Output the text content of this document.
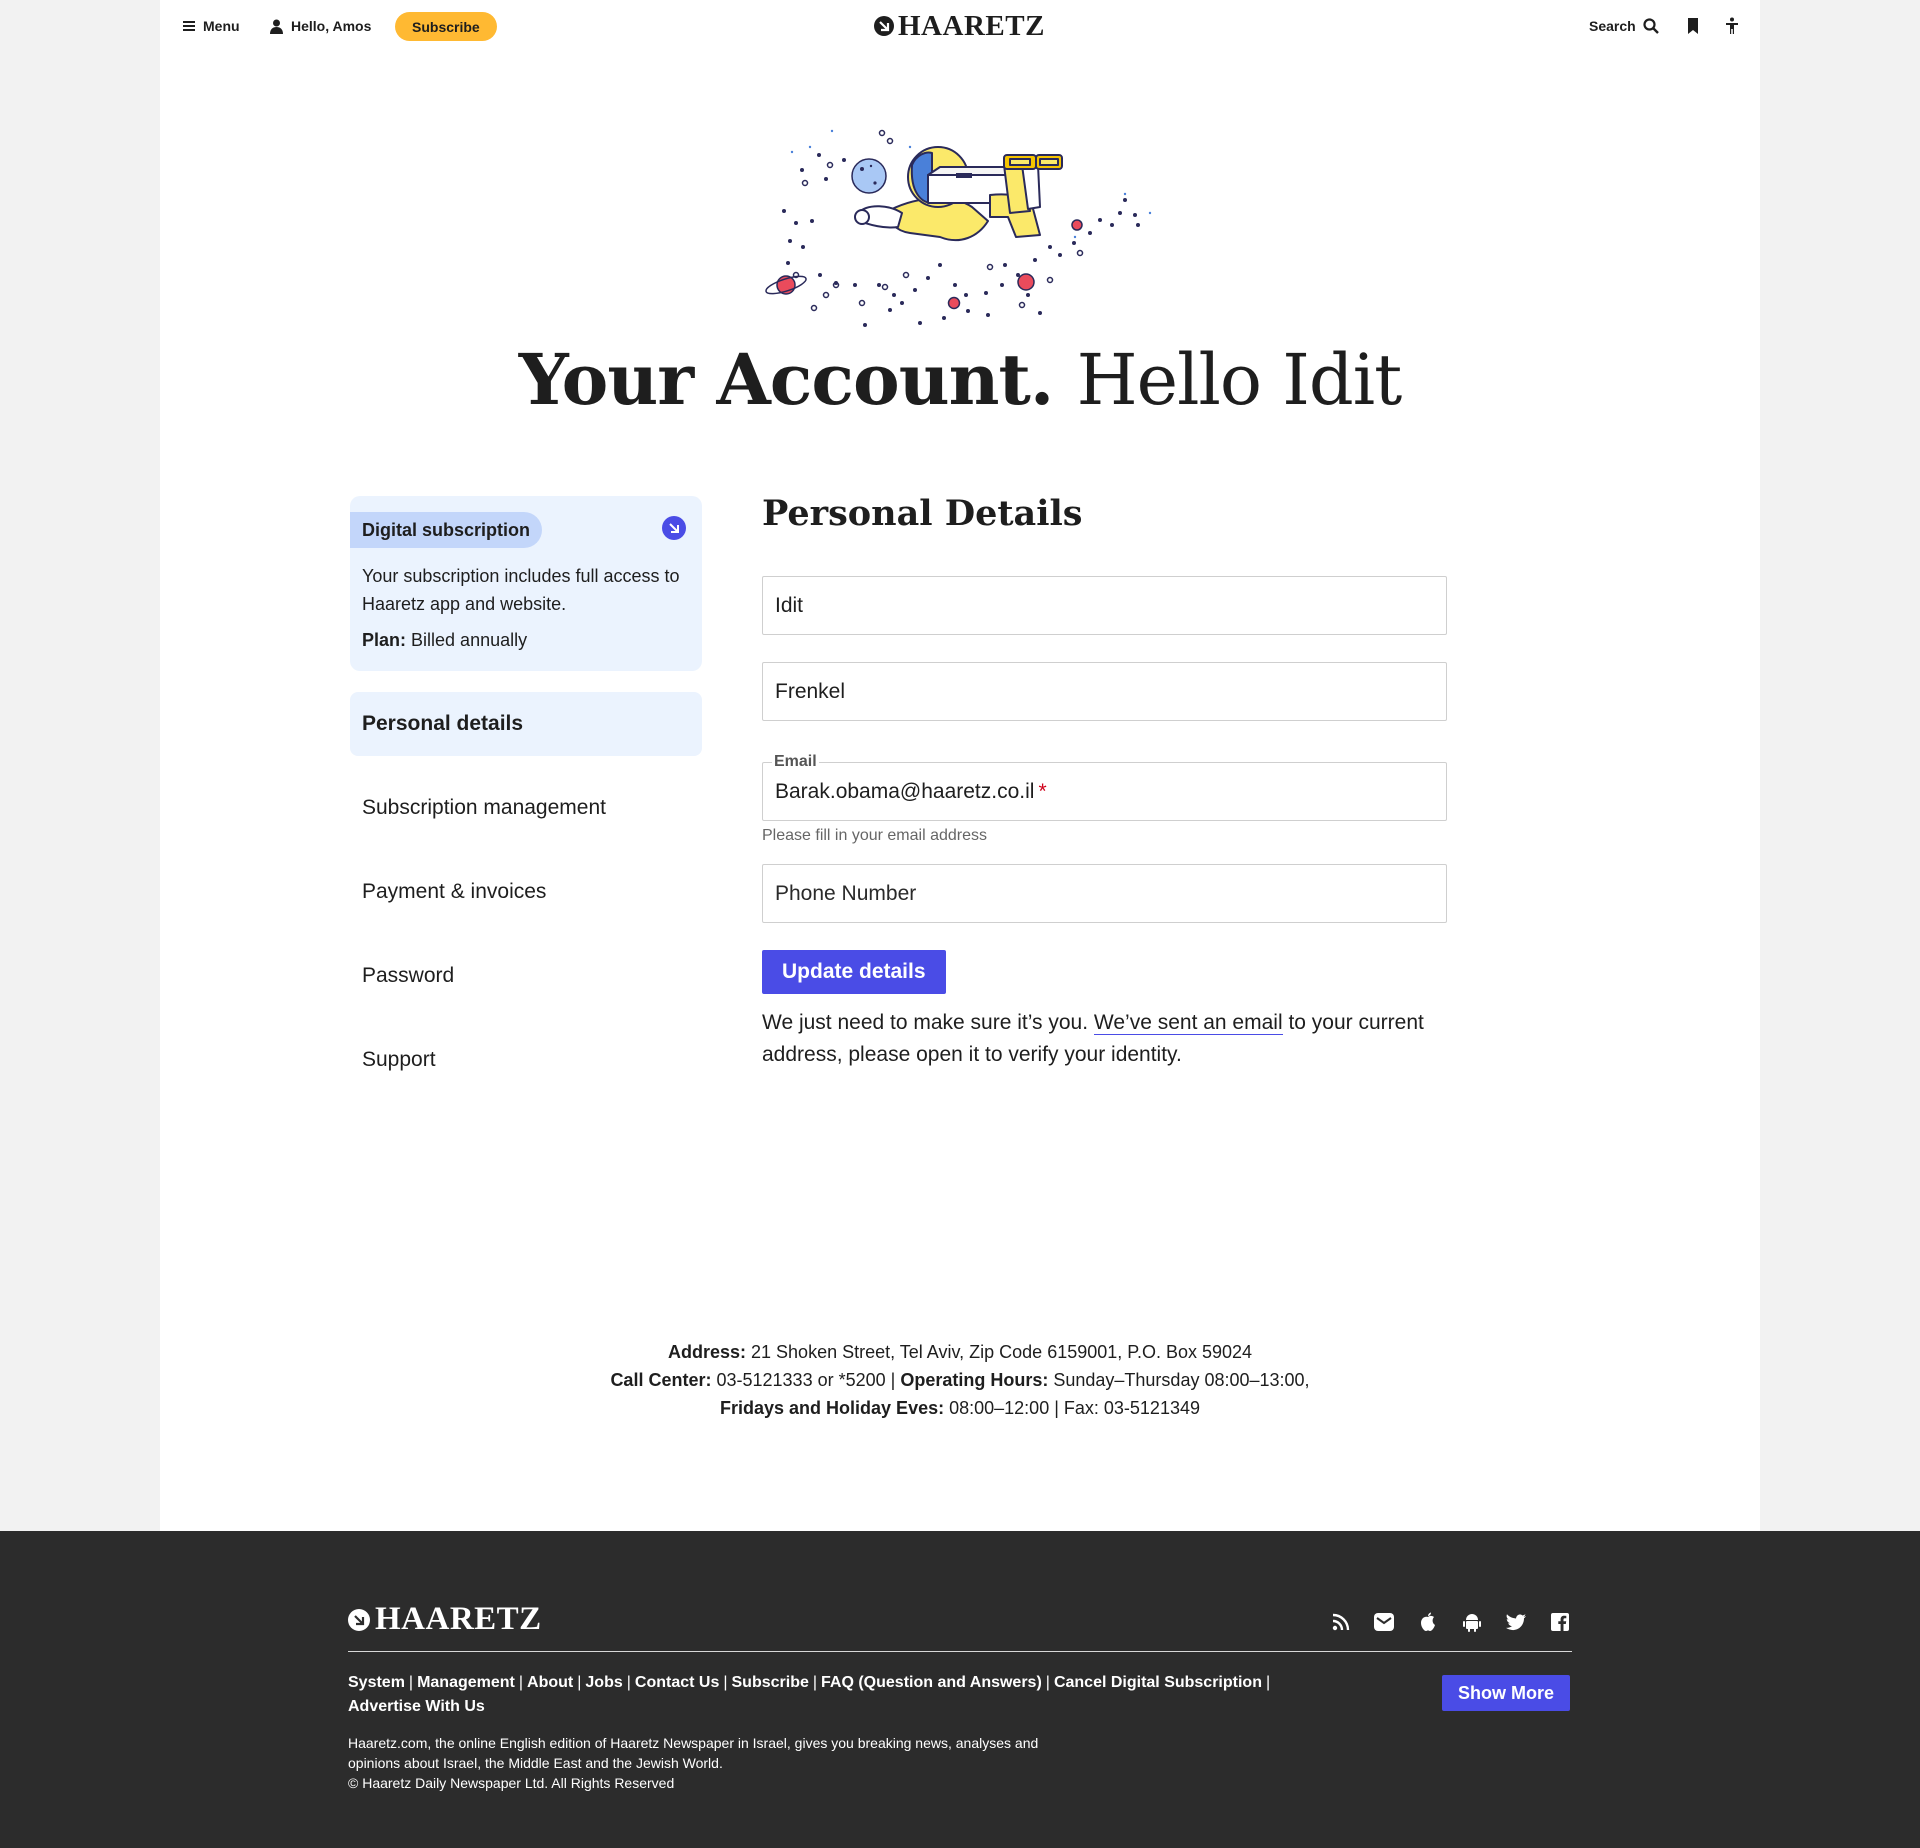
Menu	Hello, Amos	Subscribe	HAARETZ	Search
Your Account. Hello Idit
Digital subscription
Your subscription includes full access to Haaretz app and website.
Plan: Billed annually
Personal details
Subscription management
Payment & invoices
Password
Support
Personal Details
Idit
Frenkel
Barak.obama@haaretz.co.il *
Email
Please fill in your email address
Phone Number
Update details
We just need to make sure it’s you. We’ve sent an email to your current address, please open it to verify your identity.
Address: 21 Shoken Street, Tel Aviv, Zip Code 6159001, P.O. Box 59024
Call Center: 03-5121333 or *5200 | Operating Hours: Sunday–Thursday 08:00–13:00,
Fridays and Holiday Eves: 08:00–12:00 | Fax: 03-5121349
HAARETZ
System | Management | About | Jobs | Contact Us | Subscribe | FAQ (Question and Answers) | Cancel Digital Subscription |
Advertise With Us
Show More
Haaretz.com, the online English edition of Haaretz Newspaper in Israel, gives you breaking news, analyses and opinions about Israel, the Middle East and the Jewish World.
© Haaretz Daily Newspaper Ltd. All Rights Reserved
